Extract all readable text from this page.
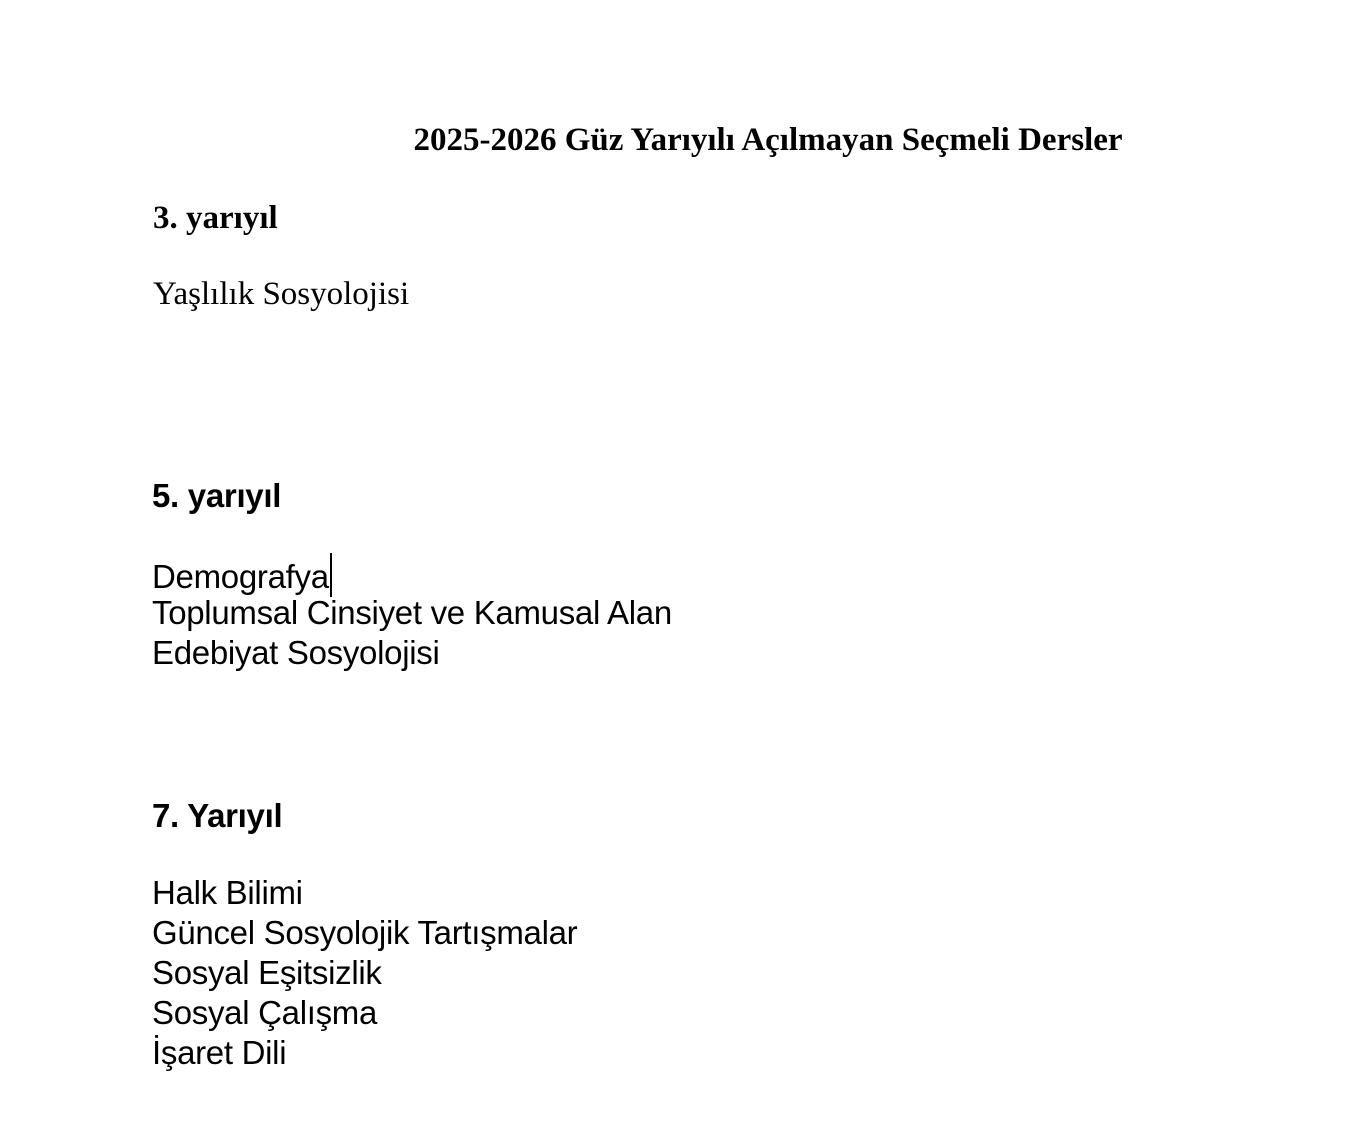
2025-2026 Güz Yarıyılı Açılmayan Seçmeli Dersler
3. yarıyıl
Yaşlılık Sosyolojisi
5. yarıyıl
Demografya
Toplumsal Cinsiyet ve Kamusal Alan
Edebiyat Sosyolojisi
7. Yarıyıl
Halk Bilimi
Güncel Sosyolojik Tartışmalar
Sosyal Eşitsizlik
Sosyal Çalışma
İşaret Dili
